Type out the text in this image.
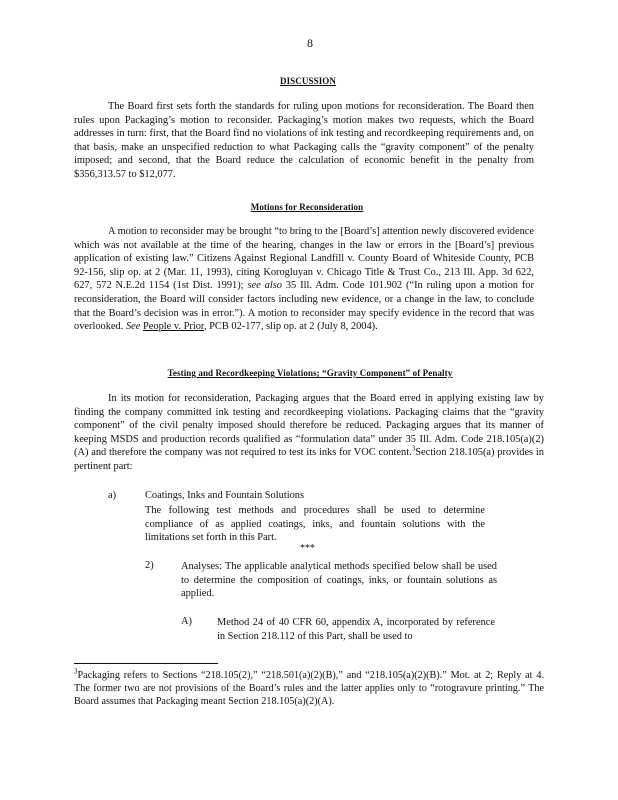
8
DISCUSSION

The Board first sets forth the standards for ruling upon motions for reconsideration. The Board then rules upon Packaging’s motion to reconsider. Packaging’s motion makes two requests, which the Board addresses in turn: first, that the Board find no violations of ink testing and recordkeeping requirements and, on that basis, make an unspecified reduction to what Packaging calls the “gravity component” of the penalty imposed; and second, that the Board reduce the calculation of economic benefit in the penalty from $356,313.57 to $12,077.

Motions for Reconsideration

A motion to reconsider may be brought “to bring to the [Board’s] attention newly discovered evidence which was not available at the time of the hearing, changes in the law or errors in the [Board’s] previous application of existing law.” Citizens Against Regional Landfill v. County Board of Whiteside County, PCB 92-156, slip op. at 2 (Mar. 11, 1993), citing Korogluyan v. Chicago Title & Trust Co., 213 Ill. App. 3d 622, 627, 572 N.E.2d 1154 (1st Dist. 1991); see also 35 Ill. Adm. Code 101.902 (“In ruling upon a motion for reconsideration, the Board will consider factors including new evidence, or a change in the law, to conclude that the Board’s decision was in error.”). A motion to reconsider may specify evidence in the record that was overlooked. See People v. Prior, PCB 02-177, slip op. at 2 (July 8, 2004).

Testing and Recordkeeping Violations; “Gravity Component” of Penalty

In its motion for reconsideration, Packaging argues that the Board erred in applying existing law by finding the company committed ink testing and recordkeeping violations. Packaging claims that the “gravity component” of the civil penalty imposed should therefore be reduced. Packaging argues that its manner of keeping MSDS and production records qualified as “formulation data” under 35 Ill. Adm. Code 218.105(a)(2)(A) and therefore the company was not required to test its inks for VOC content.$^3$Section 218.105(a) provides in pertinent part:

a)	Coatings, Inks and Fountain Solutions

The following test methods and procedures shall be used to determine compliance of as applied coatings, inks, and fountain solutions with the limitations set forth in this Part.

***
2)	Analyses: The applicable analytical methods specified below shall be used to determine the composition of coatings, inks, or fountain solutions as applied.

A) Method 24 of 40 CFR 60, appendix A, incorporated by reference in Section 218.112 of this Part, shall be used to

$^3$Packaging refers to Sections “218.105(2),” “218.501(a)(2)(B),” and “218.105(a)(2)(B).” Mot. at 2; Reply at 4. The former two are not provisions of the Board’s rules and the latter applies only to “rotogravure printing.” The Board assumes that Packaging meant Section 218.105(a)(2)(A).
